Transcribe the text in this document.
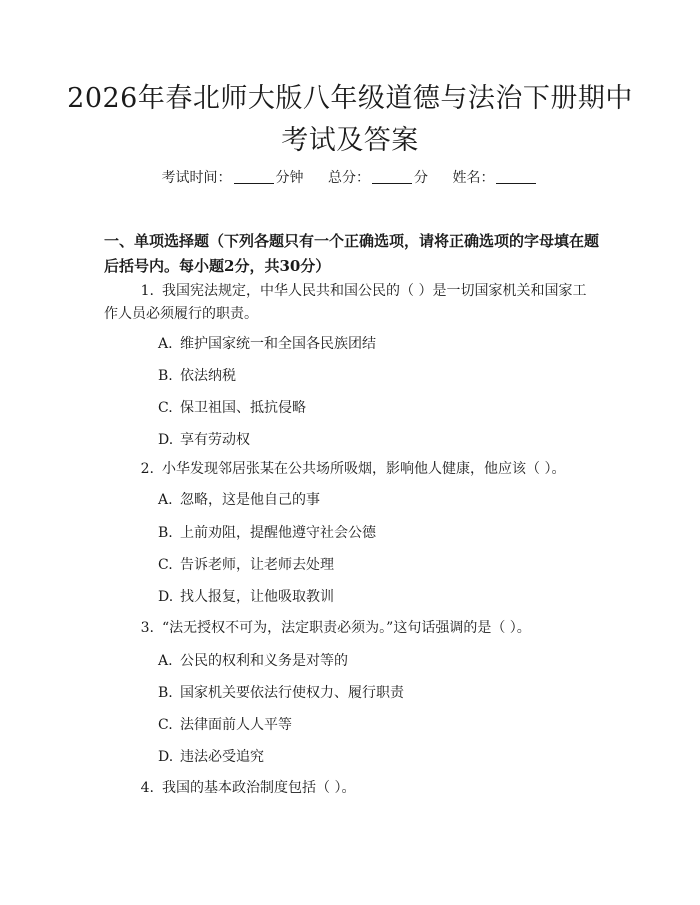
2026年春北师大版八年级道德与法治下册期中考试及答案
考试时间：	分钟 总分：	分 姓名：
一、单项选择题（下列各题只有一个正确选项，请将正确选项的字母填在题后括号内。每小题2分，共30分）
1. 我国宪法规定，中华人民共和国公民的（ ）是一切国家机关和国家工作人员必须履行的职责。
A. 维护国家统一和全国各民族团结
B. 依法纳税
C. 保卫祖国、抵抗侵略
D. 享有劳动权
2. 小华发现邻居张某在公共场所吸烟，影响他人健康，他应该（ ）。
A. 忽略，这是他自己的事
B. 上前劝阻，提醒他遵守社会公德
C. 告诉老师，让老师去处理
D. 找人报复，让他吸取教训
3. “法无授权不可为，法定职责必须为。”这句话强调的是（ ）。
A. 公民的权利和义务是对等的
B. 国家机关要依法行使权力、履行职责
C. 法律面前人人平等
D. 违法必受追究
4. 我国的基本政治制度包括（ ）。
